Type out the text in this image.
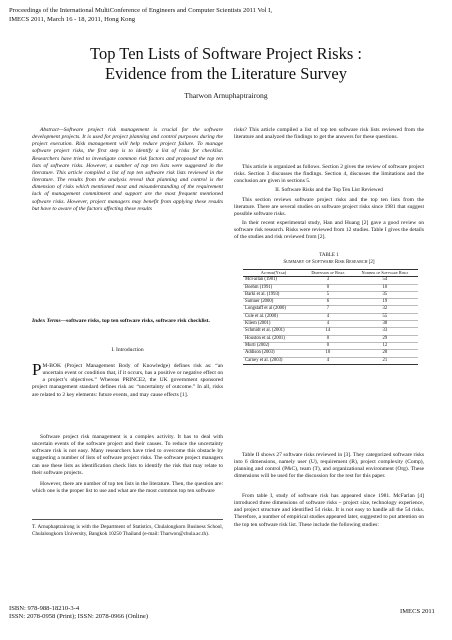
Proceedings of the International MultiConference of Engineers and Computer Scientists 2011 Vol I,
IMECS 2011, March 16 - 18, 2011, Hong Kong
Top Ten Lists of Software Project Risks :
Evidence from the Literature Survey
Tharwon Arnuphaptrairong

Abstract—Software project risk management is crucial for the software development projects. It is used for project planning and control purposes during the project execution. Risk management will help reduce project failure. To manage software project risks, the first step is to identify a list of risks for checklist. Researchers have tried to investigate common risk factors and proposed the top ten lists of software risks. However, a number of top ten lists were suggested in the literature. This article compiled a list of top ten software risk lists reviewed in the literature. The results from the analysis reveal that planning and control is the dimension of risks which mentioned most and misunderstanding of the requirement lack of management commitment and support are the most frequent mentioned software risks. However, project managers may benefit from applying these results but have to aware of the factors affecting these results

Index Terms—software risks, top ten software risks, software risk checklist.
I. Introduction
P M-BOK (Project Management Body of Knowledge) defines risk as: “an uncertain event or condition that, if it occurs, has a positive or negative effect on a project’s objectives.” Whereas PRINCE2, the UK government sponsored project management standard defines risk as: “uncertainty of outcome.” In all, risks are related to 2 key elements: future events, and may cause effects [1].

Software project risk management is a complex activity. It has to deal with uncertain events of the software project and their causes. To reduce the uncertainty software risk is not easy. Many researchers have tried to overcome this obstacle by suggesting a number of lists of software project risks. The software project managers can use these lists as identification check lists to identify the risk that may relate to their software projects.

However, there are number of top ten lists in the literature. Then, the question are: which one is the proper list to use and what are the most common top ten software

T. Arnuphaptrairong is with the Department of Statistics, Chulalongkorn Business School, Chulalongkorn University, Bangkok 10250 Thailand (e-mail: Tharwon@chula.ac.th).

risks? This article compiled a list of top ten software risk lists reviewed from the literature and analyzed the findings to get the answers for these questions.

This article is organized as follows. Section 2 gives the review of software project risks. Section 3 discusses the findings. Section 4, discusses the limitations and the conclusion are given in sections 5.

II. Software Risks and the Top Ten List Reviewed

This section reviews software project risks and the top ten lists from the literature. There are several studies on software project risks since 1981 that suggest possible software risks.

In their recent experimental study, Han and Huang [2] gave a good review on software risk research. Risks were reviewed from 12 studies. Table I gives the details of the studies and risk reviewed from [2].

TABLE 1
Summary of Software Risk Research [2]
Author(Year)	Dimension of Risks	Number of Software Risks
McFarlan (1981)	3	54
Boehm (1991)	0	10
Barki et al. (1993)	5	35
Sumner (2000)	6	19
Longstaff et al (2000)	7	32
Cule et al. (2000)	4	55
Kliem (2001)	4	38
Schmidt et al. (2001)	14	33
Houston et al. (2001)	0	29
Murti (2002)	0	12
Addison (2003)	10	28
Carney et al. (2003)	4	21

Table II shows 27 software risks reviewed in [3]. They categorized software risks into 6 dimensions, namely user (U), requirement (R), project complexity (Comp), planning and control (P&C), team (T), and organizational environment (Org). These dimensions will be used for the discussion for the rest for this paper.

From table I, study of software risk has appeared since 1981. McFarlan [4] introduced three dimensions of software risks – project size, technology experience, and project structure and identified 54 risks. It is not easy to handle all the 54 risks. Therefore, a number of empirical studies appeared later, suggested to put attention on the top ten software risk list. These include the following studies:

ISBN: 978-988-18210-3-4
ISSN: 2078-0958 (Print); ISSN: 2078-0966 (Online)
IMECS 2011
